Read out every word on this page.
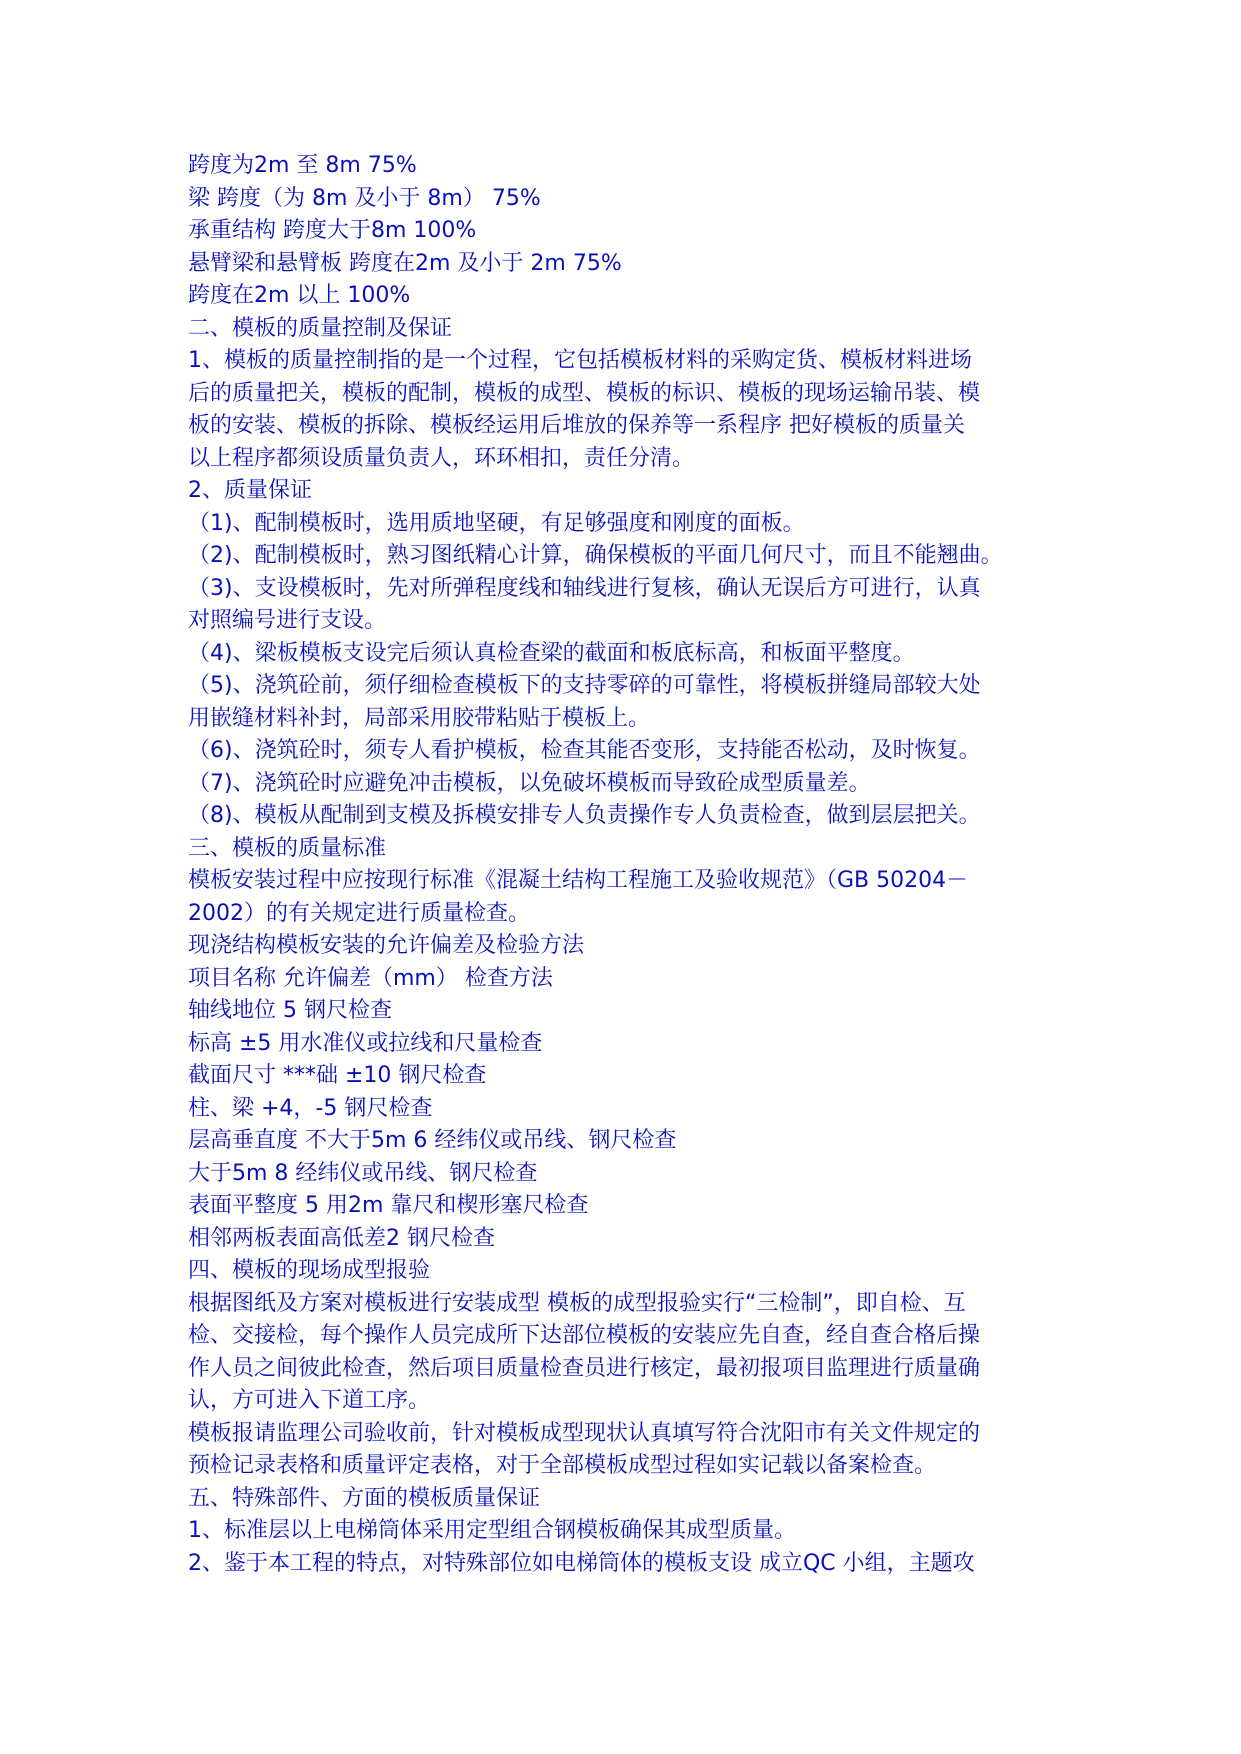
跨度为2m 至 8m 75%
梁 跨度（为 8m 及小于 8m） 75%
承重结构 跨度大于8m 100%
悬臂梁和悬臂板 跨度在2m 及小于 2m 75%
跨度在2m 以上 100%
二、模板的质量控制及保证
1、模板的质量控制指的是一个过程，它包括模板材料的采购定货、模板材料进场
后的质量把关，模板的配制，模板的成型、模板的标识、模板的现场运输吊装、模
板的安装、模板的拆除、模板经运用后堆放的保养等一系程序 把好模板的质量关
以上程序都须设质量负责人，环环相扣，责任分清。
2、质量保证
（1)、配制模板时，选用质地坚硬，有足够强度和刚度的面板。
（2)、配制模板时，熟习图纸精心计算，确保模板的平面几何尺寸，而且不能翘曲。
（3)、支设模板时，先对所弹程度线和轴线进行复核，确认无误后方可进行，认真
对照编号进行支设。
（4)、梁板模板支设完后须认真检查梁的截面和板底标高，和板面平整度。
（5)、浇筑砼前，须仔细检查模板下的支持零碎的可靠性，将模板拼缝局部较大处
用嵌缝材料补封，局部采用胶带粘贴于模板上。
（6)、浇筑砼时，须专人看护模板，检查其能否变形，支持能否松动，及时恢复。
（7)、浇筑砼时应避免冲击模板，以免破坏模板而导致砼成型质量差。
（8)、模板从配制到支模及拆模安排专人负责操作专人负责检查，做到层层把关。
三、模板的质量标准
模板安装过程中应按现行标准《混凝土结构工程施工及验收规范》（GB 50204－
2002）的有关规定进行质量检查。
现浇结构模板安装的允许偏差及检验方法
项目名称 允许偏差（mm） 检查方法
轴线地位 5 钢尺检查
标高 ±5 用水准仪或拉线和尺量检查
截面尺寸 ***础 ±10 钢尺检查
柱、梁 +4，-5 钢尺检查
层高垂直度 不大于5m 6 经纬仪或吊线、钢尺检查
大于5m 8 经纬仪或吊线、钢尺检查
表面平整度 5 用2m 靠尺和楔形塞尺检查
相邻两板表面高低差2 钢尺检查
四、模板的现场成型报验
根据图纸及方案对模板进行安装成型 模板的成型报验实行“三检制”，即自检、互
检、交接检，每个操作人员完成所下达部位模板的安装应先自查，经自查合格后操
作人员之间彼此检查，然后项目质量检查员进行核定，最初报项目监理进行质量确
认，方可进入下道工序。
模板报请监理公司验收前，针对模板成型现状认真填写符合沈阳市有关文件规定的
预检记录表格和质量评定表格，对于全部模板成型过程如实记载以备案检查。
五、特殊部件、方面的模板质量保证
1、标准层以上电梯筒体采用定型组合钢模板确保其成型质量。
2、鉴于本工程的特点，对特殊部位如电梯筒体的模板支设 成立QC 小组，主题攻
